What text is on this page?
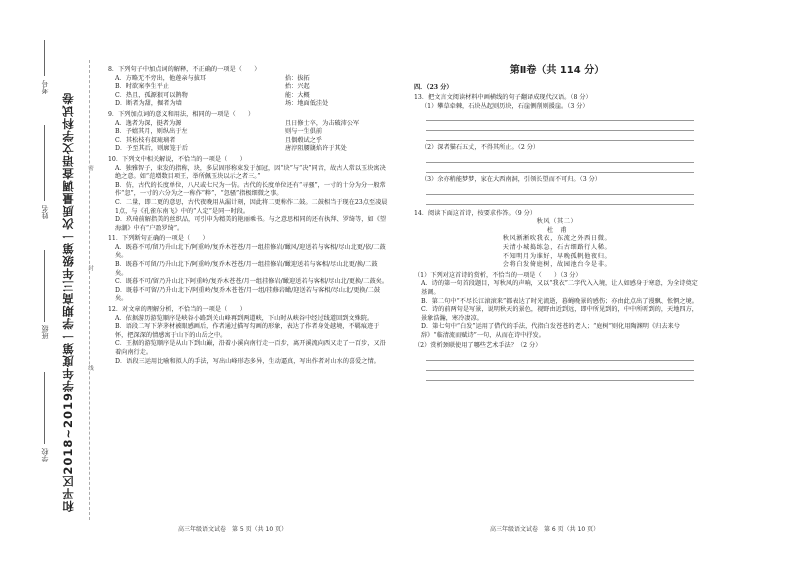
和平区2018~2019学年度第一学期高三年级第一次质量调查语文学科试卷
学校
班级
姓名
考号
密
封
线
8．下列句子中加点词的解释，不正确的一项是（　　）
A．方略无不旁出，他莲亲与拔耳	拾：拔拓
B．时欲案李生平止	抬：兴起
C．热且，孤源狠可以鹊物	能：大概
D．断者为甜，掘者为墙	场：地面低洼处
9．下列加点词的意义和用法，相同的一项是（　　）
A．逸者为深，挺者为源	且日修士卒，为击破沛公军
B．予嬉其月，则纵出于左	则与一生俱前
C．其松枝有叔琉璃者	且偶毂试之乎
D．予至其后，则廓笼于后	唐淳阻腰篪焰许于其处
10．下列文中相关解说，不恰当的一项是（　　）
A．独雅智子，束发的指称，块，多层固形称束发于加冠，因“块”与“决”同音，故古人常以玉块寓决绝之意。如“范增数目项王，举所佩玉块以示之者三。”
B．仿，古代的长度单位，八尺或七尺为一仿。古代的长度单位还有“寻骚”，一寸的十分为分一般常作“忽”，一寸的六分为之一称作“粹”，“忽骚”指极细微之事。
C．二量，即二更的意思，古代夜晚用从漏计刻，因此将二更称作二鼓。二鼓相当于现在23点至凌晨1点，与《孔雀东南飞》中的“人定”是同一时段。
D．玖琦前解指美的丝织品，可引申为精美的艳丽乘书。与之意思相同的还有执拜、罗绮等，如《望海潮》中有“户盈罗绮”。
11．下列断句正确的一项是（　　）
A．既暮不可/留乃升山北下/阿重岭/复乔木苍苍/月一组挂修岩/瞰风/迎送若与客相/尽山北更/依/二鼓矣。
B．既暮不可留/乃升山北下/阿重岭/复乔木苍苍/月一组挂修岩/瞰迎送若与客相/尽山北更/换/二鼓矣。
C．既暮不可/留乃升山北下阿重岭/复乔木苍苍/月一组挂修岩/瞰迎送若与客相/尽山北/更换/二鼓矣。
D．既暮不可留/乃升山北下/阿重岭/复乔木苍苍/月一组/挂修岩瞰/迎送若与客相/尽山北/更换/二鼓矣。
12．对文章的理解分析，不恰当的一项是（　　）
A．依据游历游览顺序是峡谷小路到关山峰再到两道峡，下山时从峡谷中经过线道回到文殊院。
B．语段二写下茅茅材被眼感画后，作者通过描写勾画的形象，表达了作者身处越境，不羁痕迹于怀，把深深的情感寓于山下的山岳之中。
C．王据的游览顺序是从山下到山巅，沿着小溪向南行走一百步，离开溪流向西又走了一百步，又沿着向南行走。
D．语段三运用比喻和拟人的手法，写出山峰形态多异，生动逼真，写出作者对山水的喜爱之情。
高三年级语文试卷　第 5 页（共 10 页）
第Ⅱ卷（共 114 分）
四．（23 分）
13．把文言文阅读材料中画横线的句子翻译成现代汉语。（8 分）
（1）攀草牵棘，石块丛起则历块，石崖侧削则援崖。（3 分）
（2）深者猫石五丈，不得其所止。（2 分）
（3）余亦稍能梦梦，家在大西南洞，引领长望而不可归。（3 分）
14．阅读下面这首诗，按要求作答。（9 分）
秋风（其二）
杜　甫
秋风淅淅吹我衣，东流之外西日微。
天清小城捣练急，石古细路行人稀。
不知明月为谁好，早晚孤帆他夜归。
会将白发倚庭树，故园池台今是非。
（1）下列对这首诗的赏析，不恰当的一项是（　　）（3 分）
A．诗的第一句首段题目，写秋风的声响，又以“我衣”二字代入入境，让人如感身于寒意，为全诗奠定基调。
B．第二句中“不尽长江滚滚来”都表达了时光流逝，暮蝇晚景的感伤；亦由此点出了漫飘、怅惘之境。
C．诗的前两句是写景，说明秋天的景色，视野由近到远，即中所见到的，中中所听到的，天地四方，景象浩瀚，寒冷凄凉。
D．第七句中“白发”运用了借代的手法，代指白发苍苍的老人；“庭树”则化用陶渊明《归去来兮辞》“临清流而赋诗”一句，从而在诗中抒发。
（2）赏析颈联使用了哪些艺术手法？（2 分）
高三年级语文试卷　第 6 页（共 10 页）
